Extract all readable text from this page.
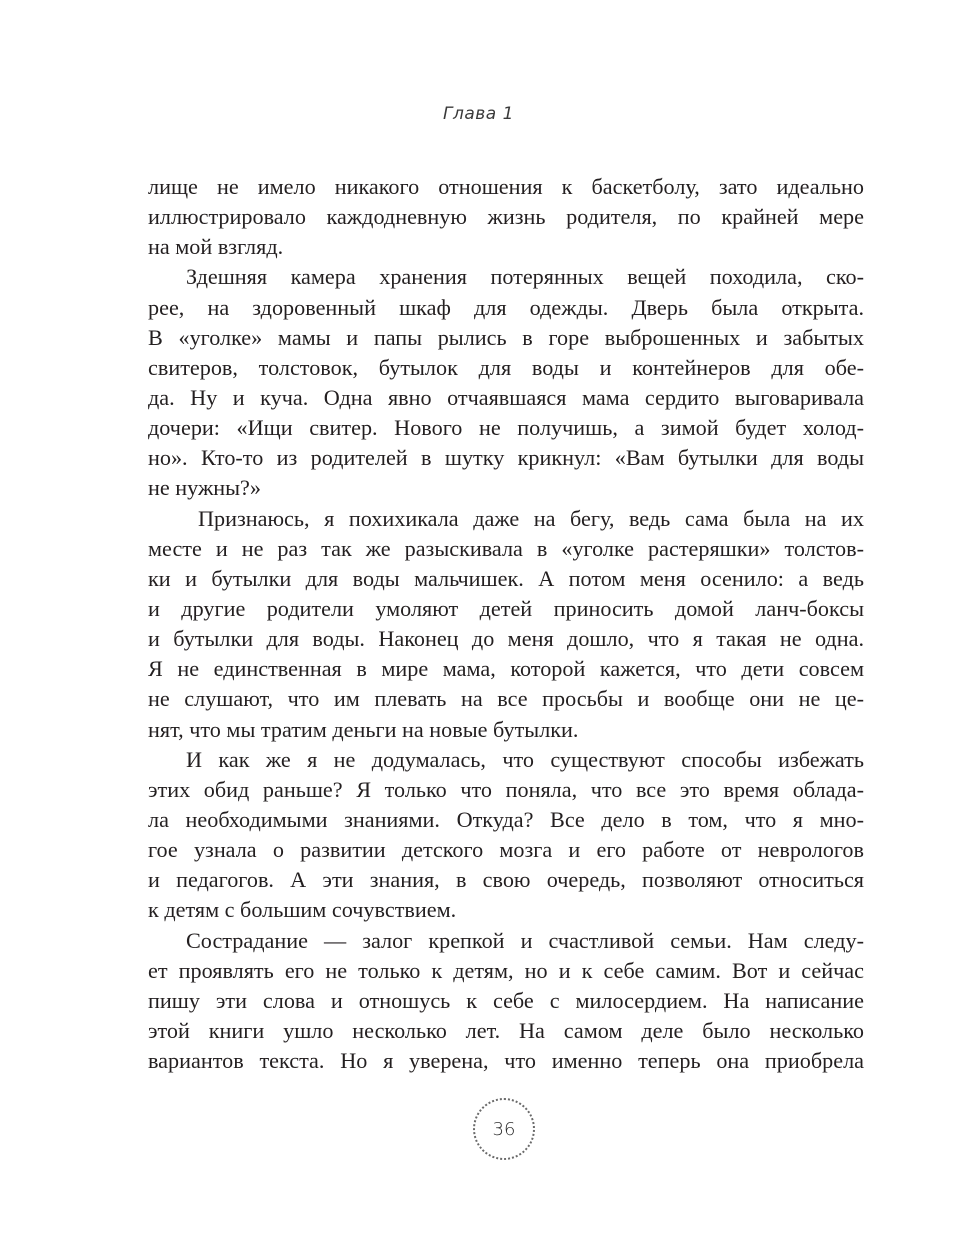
Глава 1
лище не имело никакого отношения к баскетболу, зато идеально
иллюстрировало каждодневную жизнь родителя, по крайней мере
на мой взгляд.
Здешняя камера хранения потерянных вещей походила, ско-
рее, на здоровенный шкаф для одежды. Дверь была открыта.
В «уголке» мамы и папы рылись в горе выброшенных и забытых
свитеров, толстовок, бутылок для воды и контейнеров для обе-
да. Ну и куча. Одна явно отчаявшаяся мама сердито выговаривала
дочери: «Ищи свитер. Нового не получишь, а зимой будет холод-
но». Кто-то из родителей в шутку крикнул: «Вам бутылки для воды
не нужны?»
Признаюсь, я похихикала даже на бегу, ведь сама была на их
месте и не раз так же разыскивала в «уголке растеряшки» толстов-
ки и бутылки для воды мальчишек. А потом меня осенило: а ведь
и другие родители умоляют детей приносить домой ланч-боксы
и бутылки для воды. Наконец до меня дошло, что я такая не одна.
Я не единственная в мире мама, которой кажется, что дети совсем
не слушают, что им плевать на все просьбы и вообще они не це-
нят, что мы тратим деньги на новые бутылки.
И как же я не додумалась, что существуют способы избежать
этих обид раньше? Я только что поняла, что все это время облада-
ла необходимыми знаниями. Откуда? Все дело в том, что я мно-
гое узнала о развитии детского мозга и его работе от неврологов
и педагогов. А эти знания, в свою очередь, позволяют относиться
к детям с большим сочувствием.
Сострадание — залог крепкой и счастливой семьи. Нам следу-
ет проявлять его не только к детям, но и к себе самим. Вот и сейчас
пишу эти слова и отношусь к себе с милосердием. На написание
этой книги ушло несколько лет. На самом деле было несколько
вариантов текста. Но я уверена, что именно теперь она приобрела
36
